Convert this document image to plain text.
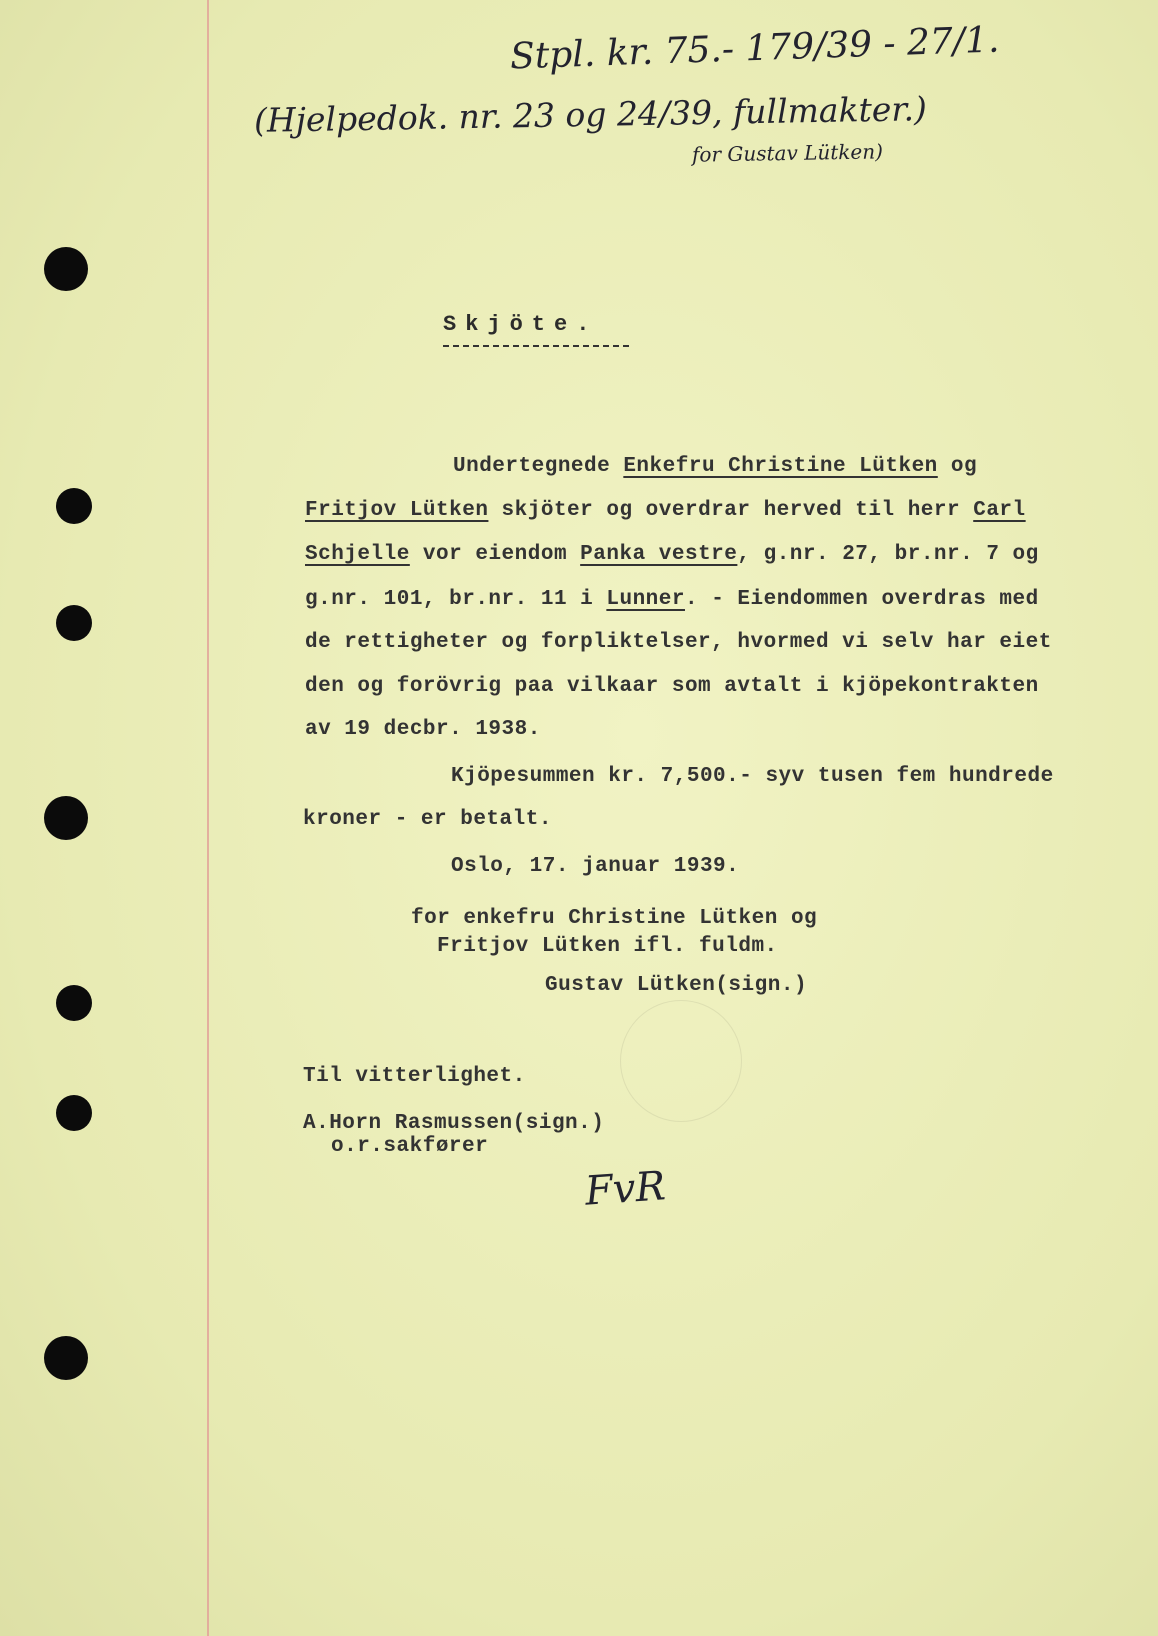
Stpl. kr. 75.- 179/39 - 27/1.
(Hjelpedok. nr. 23 og 24/39, fullmakter.)
for Gustav Lütken)
Skjöte.
Undertegnede Enkefru Christine Lütken og
Fritjov Lütken skjöter og overdrar herved til herr Carl
Schjelle vor eiendom Panka vestre, g.nr. 27, br.nr. 7 og
g.nr. 101, br.nr. 11 i Lunner. - Eiendommen overdras med
de rettigheter og forpliktelser, hvormed vi selv har eiet
den og forövrig paa vilkaar som avtalt i kjöpekontrakten
av 19 decbr. 1938.
Kjöpesummen kr. 7,500.- syv tusen fem hundrede
kroner - er betalt.
Oslo, 17. januar 1939.
for enkefru Christine Lütken og
Fritjov Lütken ifl. fuldm.
Gustav Lütken(sign.)
Til vitterlighet.
A.Horn Rasmussen(sign.)
o.r.sakfører
FvR
